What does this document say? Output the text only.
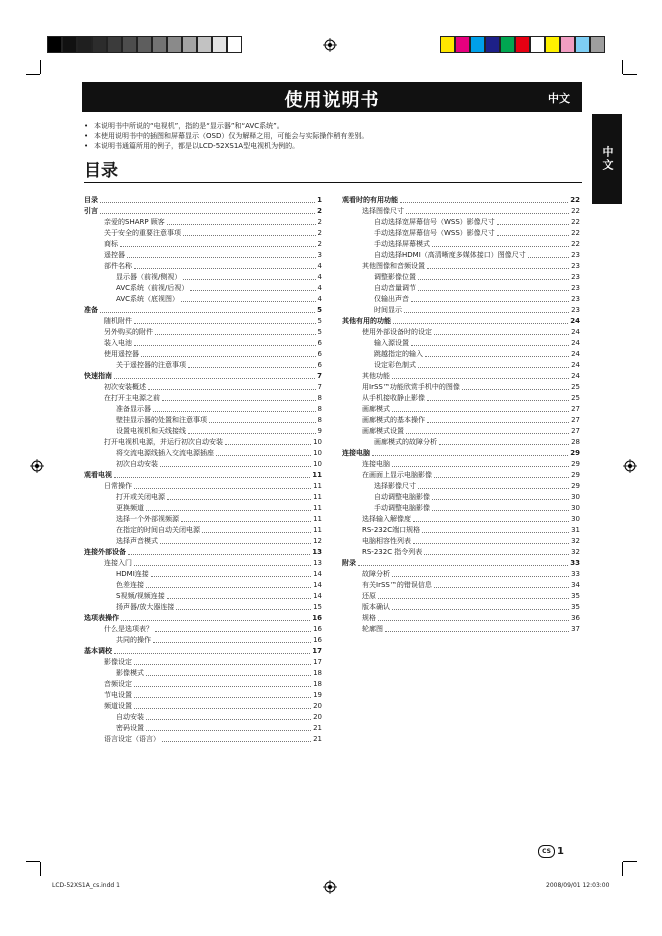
使用说明书	中文
中文
• 本说明书中所说的“电视机”，指的是“显示器”和“AVC系统”。
• 本使用说明书中的插图和屏幕显示（OSD）仅为解释之用，可能会与实际操作稍有差别。
• 本说明书通篇所用的例子，都是以LCD-52XS1A型电视机为例的。
目录
目录	1
引言	2
亲爱的SHARP 顾客	2
关于安全的重要注意事项	2
商标	2
遥控器	3
部件名称	4
显示器（前视/侧视）	4
AVC系统（前视/后视）	4
AVC系统（底视图）	4
准备	5
随机附件	5
另外购买的附件	5
装入电池	6
使用遥控器	6
关于遥控器的注意事项	6
快速指南	7
初次安装概述	7
在打开主电源之前	8
准备显示器	8
壁挂显示器的处置和注意事项	8
设置电视机和天线接线	9
打开电视机电源，并运行初次自动安装	10
将交流电源线插入交流电源插座	10
初次自动安装	10
观看电视	11
日常操作	11
打开或关闭电源	11
更换频道	11
选择一个外部视频源	11
在指定的时间自动关闭电源	11
选择声音模式	12
连接外部设备	13
连接入门	13
HDMI连接	14
色差连接	14
S视频/视频连接	14
扬声器/放大器连接	15
选项表操作	16
什么是选项表？	16
共同的操作	16
基本调校	17
影像设定	17
影像模式	18
音频设定	18
节电设置	19
频道设置	20
自动安装	20
密码设置	21
语言设定（语言）	21
观看时的有用功能	22
选择图像尺寸	22
自动选择宽屏幕信号（WSS）影像尺寸	22
手动选择宽屏幕信号（WSS）影像尺寸	22
手动选择屏幕模式	22
自动选择HDMI（高清晰度多媒体接口）图像尺寸	23
其他图像和音频设置	23
调整影像位置	23
自动音量调节	23
仅输出声音	23
时间显示	23
其他有用的功能	24
使用外部设备时的设定	24
输入源设置	24
跳越指定的输入	24
设定彩色制式	24
其他功能	24
用IrSS™功能欣赏手机中的图像	25
从手机接收静止影像	25
画廊模式	27
画廊模式的基本操作	27
画廊模式设置	27
画廊模式的故障分析	28
连接电脑	29
连接电脑	29
在画面上显示电脑影像	29
选择影像尺寸	29
自动调整电脑影像	30
手动调整电脑影像	30
选择输入解像度	30
RS-232C端口规格	31
电脑相容性列表	32
RS-232C 指令列表	32
附录	33
故障分析	33
有关IrSS™的错误信息	34
还原	35
版本确认	35
规格	36
轮廓图	37
CS 1
LCD-52XS1A_cs.indd 1	2008/09/01 12:03:00
